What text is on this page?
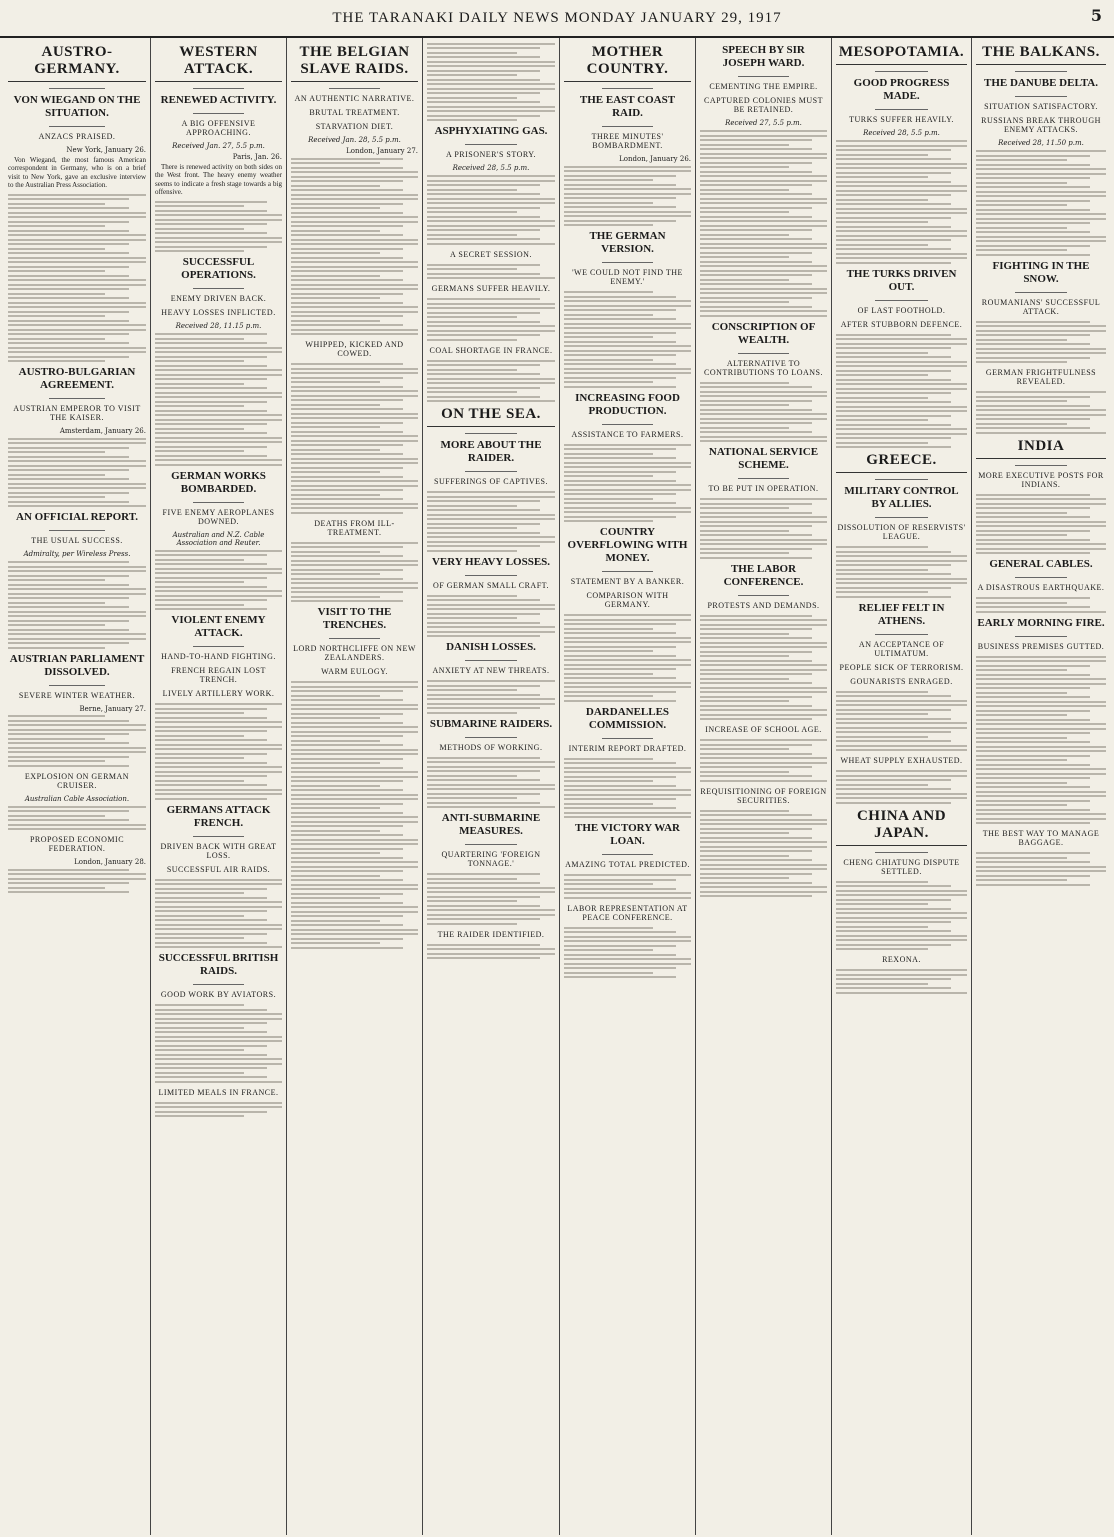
THE TARANAKI DAILY NEWS MONDAY JANUARY 29, 1917	5
AUSTRO-GERMANY.
VON WIEGAND ON THE SITUATION.
ANZACS PRAISED.
New York, January 26.
Von Wiegand, the most famous American correspondent in Germany, who is on a brief visit to New York, gave an exclusive interview to the Australian Press Association.
AUSTRO-BULGARIAN AGREEMENT.
AUSTRIAN EMPEROR TO VISIT THE KAISER.
Amsterdam, January 26.
AN OFFICIAL REPORT.
THE USUAL SUCCESS.
Admiralty, per Wireless Press.
AUSTRIAN PARLIAMENT DISSOLVED.
SEVERE WINTER WEATHER.
Berne, January 27.
EXPLOSION ON GERMAN CRUISER.
Australian Cable Association.
PROPOSED ECONOMIC FEDERATION.
London, January 28.
WESTERN ATTACK.
RENEWED ACTIVITY.
A BIG OFFENSIVE APPROACHING.
Received Jan. 27, 5.5 p.m.
Paris, Jan. 26.
There is renewed activity on both sides on the West front. The heavy enemy weather seems to indicate a fresh stage towards a big offensive.
SUCCESSFUL OPERATIONS.
ENEMY DRIVEN BACK.
HEAVY LOSSES INFLICTED.
Received 28, 11.15 p.m.
GERMAN WORKS BOMBARDED.
FIVE ENEMY AEROPLANES DOWNED.
Australian and N.Z. Cable Association and Reuter.
VIOLENT ENEMY ATTACK.
HAND-TO-HAND FIGHTING.
FRENCH REGAIN LOST TRENCH.
LIVELY ARTILLERY WORK.
GERMANS ATTACK FRENCH.
DRIVEN BACK WITH GREAT LOSS.
SUCCESSFUL AIR RAIDS.
SUCCESSFUL BRITISH RAIDS.
GOOD WORK BY AVIATORS.
LIMITED MEALS IN FRANCE.
THE BELGIAN SLAVE RAIDS.
AN AUTHENTIC NARRATIVE.
BRUTAL TREATMENT.
STARVATION DIET.
Received Jan. 28, 5.5 p.m.
London, January 27.
WHIPPED, KICKED AND COWED.
DEATHS FROM ILL-TREATMENT.
VISIT TO THE TRENCHES.
LORD NORTHCLIFFE ON NEW ZEALANDERS.
WARM EULOGY.
ASPHYXIATING GAS.
A PRISONER'S STORY.
Received 28, 5.5 p.m.
A SECRET SESSION.
GERMANS SUFFER HEAVILY.
COAL SHORTAGE IN FRANCE.
ON THE SEA.
MORE ABOUT THE RAIDER.
SUFFERINGS OF CAPTIVES.
VERY HEAVY LOSSES.
OF GERMAN SMALL CRAFT.
DANISH LOSSES.
ANXIETY AT NEW THREATS.
SUBMARINE RAIDERS.
METHODS OF WORKING.
ANTI-SUBMARINE MEASURES.
QUARTERING 'FOREIGN TONNAGE.'
THE RAIDER IDENTIFIED.
MOTHER COUNTRY.
THE EAST COAST RAID.
THREE MINUTES' BOMBARDMENT.
London, January 26.
THE GERMAN VERSION.
'WE COULD NOT FIND THE ENEMY.'
INCREASING FOOD PRODUCTION.
ASSISTANCE TO FARMERS.
COUNTRY OVERFLOWING WITH MONEY.
STATEMENT BY A BANKER.
COMPARISON WITH GERMANY.
DARDANELLES COMMISSION.
INTERIM REPORT DRAFTED.
THE VICTORY WAR LOAN.
AMAZING TOTAL PREDICTED.
LABOR REPRESENTATION AT PEACE CONFERENCE.
SPEECH BY SIR JOSEPH WARD.
CEMENTING THE EMPIRE.
CAPTURED COLONIES MUST BE RETAINED.
Received 27, 5.5 p.m.
CONSCRIPTION OF WEALTH.
ALTERNATIVE TO CONTRIBUTIONS TO LOANS.
NATIONAL SERVICE SCHEME.
TO BE PUT IN OPERATION.
THE LABOR CONFERENCE.
PROTESTS AND DEMANDS.
INCREASE OF SCHOOL AGE.
REQUISITIONING OF FOREIGN SECURITIES.
MESOPOTAMIA.
GOOD PROGRESS MADE.
TURKS SUFFER HEAVILY.
Received 28, 5.5 p.m.
THE TURKS DRIVEN OUT.
OF LAST FOOTHOLD.
AFTER STUBBORN DEFENCE.
GREECE.
MILITARY CONTROL BY ALLIES.
DISSOLUTION OF RESERVISTS' LEAGUE.
RELIEF FELT IN ATHENS.
AN ACCEPTANCE OF ULTIMATUM.
PEOPLE SICK OF TERRORISM.
GOUNARISTS ENRAGED.
WHEAT SUPPLY EXHAUSTED.
CHINA AND JAPAN.
CHENG CHIATUNG DISPUTE SETTLED.
REXONA.
THE BALKANS.
THE DANUBE DELTA.
SITUATION SATISFACTORY.
RUSSIANS BREAK THROUGH ENEMY ATTACKS.
Received 28, 11.50 p.m.
FIGHTING IN THE SNOW.
ROUMANIANS' SUCCESSFUL ATTACK.
GERMAN FRIGHTFULNESS REVEALED.
INDIA
MORE EXECUTIVE POSTS FOR INDIANS.
GENERAL CABLES.
A DISASTROUS EARTHQUAKE.
EARLY MORNING FIRE.
BUSINESS PREMISES GUTTED.
THE BEST WAY TO MANAGE BAGGAGE.
